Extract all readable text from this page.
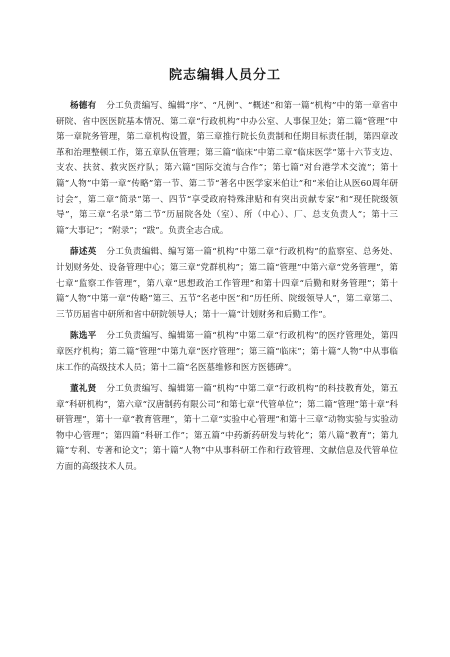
院志编辑人员分工

杨德有 分工负责编写、编辑“序”、“凡例”、“概述”和第一篇“机构”中的第一章省中研院、省中医医院基本情况、第二章“行政机构”中办公室、人事保卫处；第二篇“管理”中第一章院务管理，第二章机构设置，第三章推行院长负责制和任期目标责任制，第四章改革和治理整顿工作，第五章队伍管理；第三篇“临床”中第二章“临床医学”第十六节支边、支农、扶贫、救灾医疗队；第六篇“国际交流与合作”；第七篇“对台港学术交流”；第十篇“人物”中第一章“传略”第一节、第二节“著名中医学家米伯让”和“米伯让从医60周年研讨会”，第二章“简录”第一、四节“享受政府特殊津贴和有突出贡献专家”和“现任院级领导”，第三章“名录”第二节“历届院各处（室）、所（中心）、厂、总支负责人”；第十三篇“大事记”；“附录”；“跋”。负责全志合成。

薛述英 分工负责编辑、编写第一篇“机构”中第二章“行政机构”的监察室、总务处、计划财务处、设备管理中心；第三章“党群机构”；第二篇“管理”中第六章“党务管理”，第七章“监察工作管理”，第八章“思想政治工作管理”和第十四章“后勤和财务管理”；第十篇“人物”中第一章“传略”第三、五节“名老中医”和“历任所、院级领导人”，第二章第二、三节历届省中研所和省中研院领导人；第十一篇“计划财务和后勤工作”。

陈选平 分工负责编写、编辑第一篇“机构”中第二章“行政机构”的医疗管理处，第四章医疗机构；第二篇“管理”中第九章“医疗管理”；第三篇“临床”；第十篇“人物”中从事临床工作的高级技术人员；第十二篇“名医墓维修和医方医德碑”。

董礼贤 分工负责编写、编辑第一篇“机构”中第二章“行政机构”的科技教育处，第五章“科研机构”，第六章“汉唐制药有限公司”和第七章“代管单位”；第二篇“管理”第十章“科研管理”，第十一章“教育管理”，第十二章“实验中心管理”和第十三章“动物实验与实验动物中心管理”；第四篇“科研工作”；第五篇“中药新药研发与转化”；第八篇“教育”；第九篇“专利、专著和论文”；第十篇“人物”中从事科研工作和行政管理、文献信息及代管单位方面的高级技术人员。
